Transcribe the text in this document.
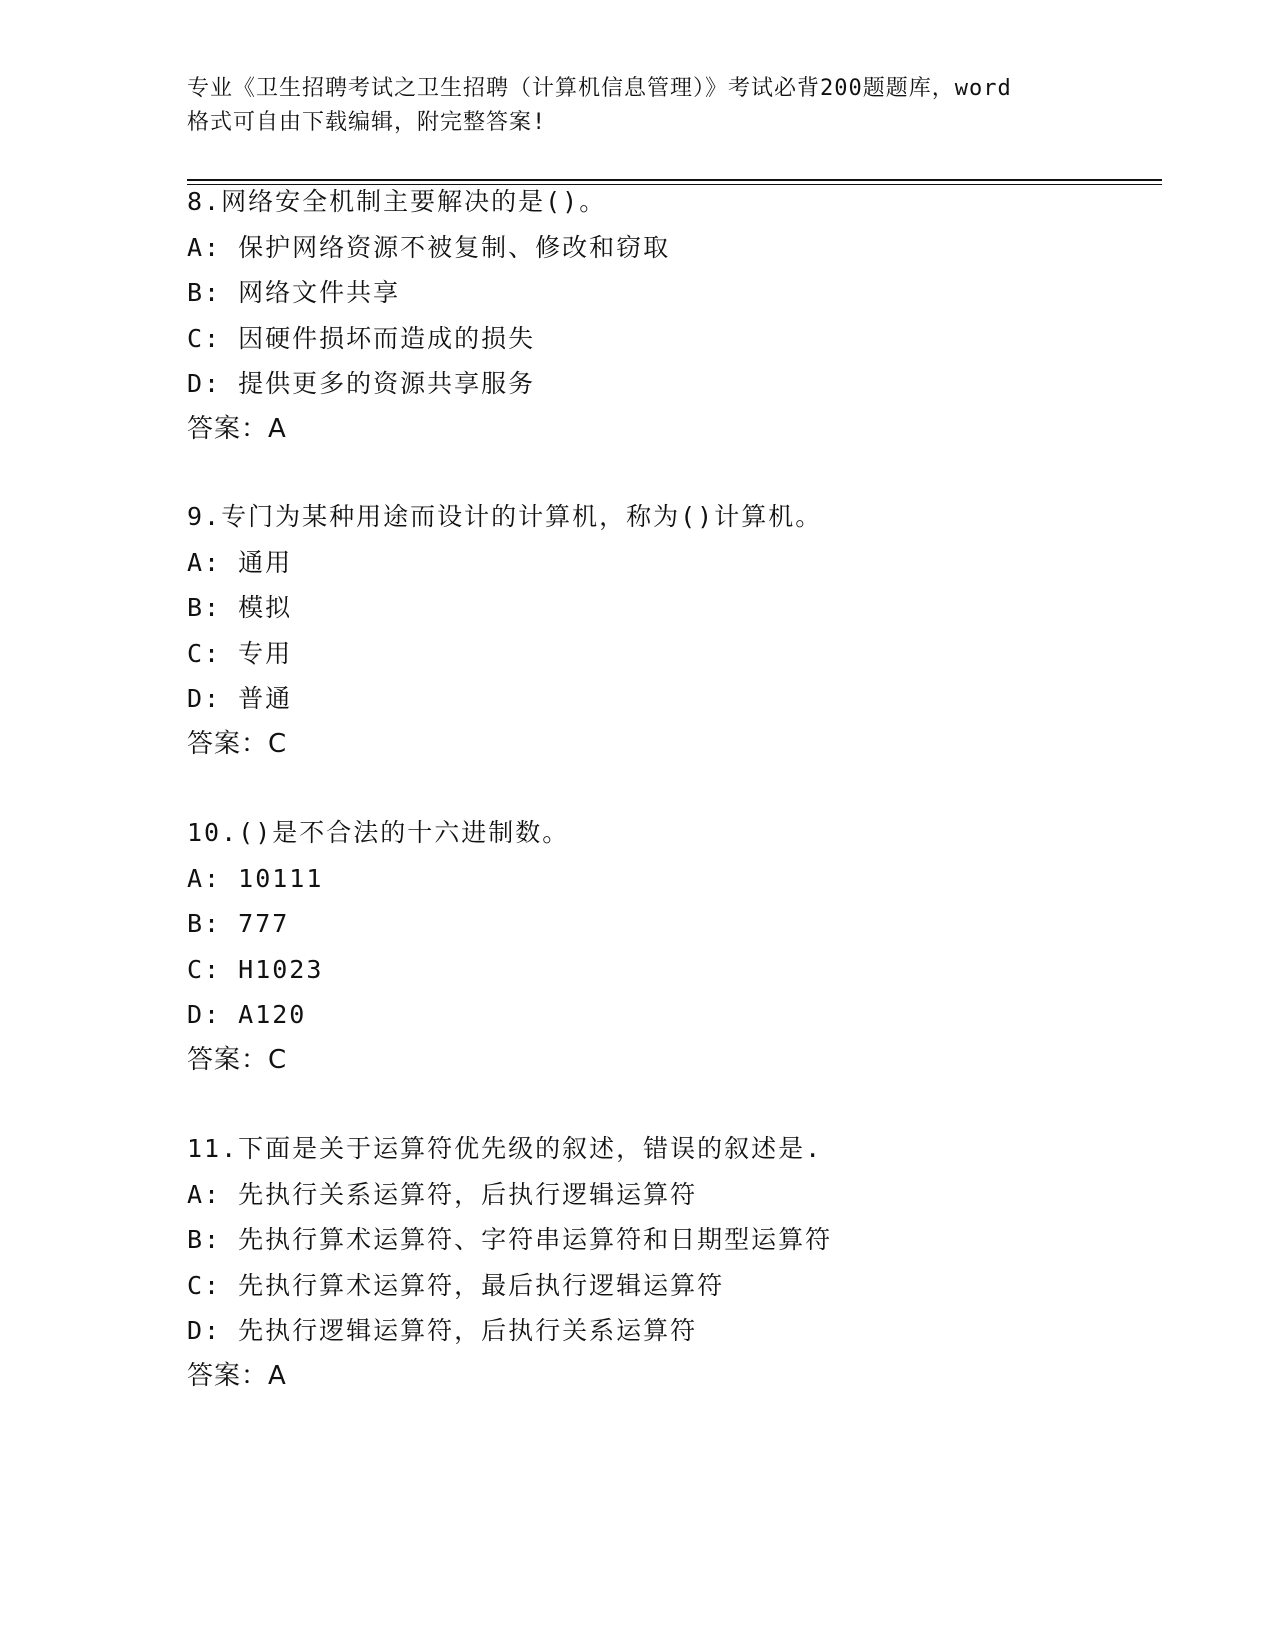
专业《卫生招聘考试之卫生招聘（计算机信息管理）》考试必背200题题库，word
格式可自由下载编辑，附完整答案!
8.网络安全机制主要解决的是()。
A: 保护网络资源不被复制、修改和窃取
B: 网络文件共享
C: 因硬件损坏而造成的损失
D: 提供更多的资源共享服务
答案：A
9.专门为某种用途而设计的计算机，称为()计算机。
A: 通用
B: 模拟
C: 专用
D: 普通
答案：C
10.()是不合法的十六进制数。
A: 10111
B: 777
C: H1023
D: A120
答案：C
11.下面是关于运算符优先级的叙述，错误的叙述是.
A: 先执行关系运算符，后执行逻辑运算符
B: 先执行算术运算符、字符串运算符和日期型运算符
C: 先执行算术运算符，最后执行逻辑运算符
D: 先执行逻辑运算符，后执行关系运算符
答案：A
